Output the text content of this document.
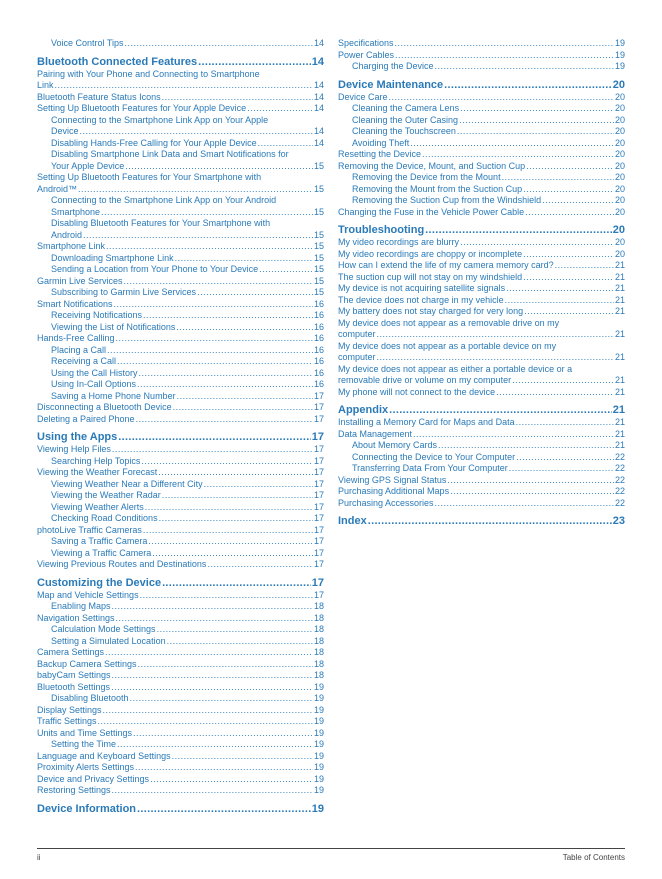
Voice Control Tips .....	14
Bluetooth Connected Features .....	14
Pairing with Your Phone and Connecting to Smartphone
Link .....	14
Bluetooth Feature Status Icons .....	14
Setting Up Bluetooth Features for Your Apple Device .....	14
Connecting to the Smartphone Link App on Your Apple
Device .....	14
Disabling Hands-Free Calling for Your Apple Device .....	14
Disabling Smartphone Link Data and Smart Notifications for
Your Apple Device .....	15
Setting Up Bluetooth Features for Your Smartphone with
Android™ .....	15
Connecting to the Smartphone Link App on Your Android
Smartphone .....	15
Disabling Bluetooth Features for Your Smartphone with
Android .....	15
Smartphone Link .....	15
Downloading Smartphone Link .....	15
Sending a Location from Your Phone to Your Device .....	15
Garmin Live Services .....	15
Subscribing to Garmin Live Services .....	15
Smart Notifications .....	16
Receiving Notifications .....	16
Viewing the List of Notifications .....	16
Hands-Free Calling .....	16
Placing a Call .....	16
Receiving a Call .....	16
Using the Call History .....	16
Using In-Call Options .....	16
Saving a Home Phone Number .....	17
Disconnecting a Bluetooth Device .....	17
Deleting a Paired Phone .....	17
Using the Apps .....	17
Viewing Help Files .....	17
Searching Help Topics .....	17
Viewing the Weather Forecast .....	17
Viewing Weather Near a Different City .....	17
Viewing the Weather Radar .....	17
Viewing Weather Alerts .....	17
Checking Road Conditions .....	17
photoLive Traffic Cameras .....	17
Saving a Traffic Camera .....	17
Viewing a Traffic Camera .....	17
Viewing Previous Routes and Destinations .....	17
Customizing the Device .....	17
Map and Vehicle Settings .....	17
Enabling Maps .....	18
Navigation Settings .....	18
Calculation Mode Settings .....	18
Setting a Simulated Location .....	18
Camera Settings .....	18
Backup Camera Settings .....	18
babyCam Settings .....	18
Bluetooth Settings .....	19
Disabling Bluetooth .....	19
Display Settings .....	19
Traffic Settings .....	19
Units and Time Settings .....	19
Setting the Time .....	19
Language and Keyboard Settings .....	19
Proximity Alerts Settings .....	19
Device and Privacy Settings .....	19
Restoring Settings .....	19
Device Information .....	19
Specifications .....	19
Power Cables .....	19
Charging the Device .....	19
Device Maintenance .....	20
Device Care .....	20
Cleaning the Camera Lens .....	20
Cleaning the Outer Casing .....	20
Cleaning the Touchscreen .....	20
Avoiding Theft .....	20
Resetting the Device .....	20
Removing the Device, Mount, and Suction Cup .....	20
Removing the Device from the Mount .....	20
Removing the Mount from the Suction Cup .....	20
Removing the Suction Cup from the Windshield .....	20
Changing the Fuse in the Vehicle Power Cable .....	20
Troubleshooting .....	20
My video recordings are blurry .....	20
My video recordings are choppy or incomplete .....	20
How can I extend the life of my camera memory card? .....	21
The suction cup will not stay on my windshield .....	21
My device is not acquiring satellite signals .....	21
The device does not charge in my vehicle .....	21
My battery does not stay charged for very long .....	21
My device does not appear as a removable drive on my
computer .....	21
My device does not appear as a portable device on my
computer .....	21
My device does not appear as either a portable device or a
removable drive or volume on my computer .....	21
My phone will not connect to the device .....	21
Appendix .....	21
Installing a Memory Card for Maps and Data .....	21
Data Management .....	21
About Memory Cards .....	21
Connecting the Device to Your Computer .....	22
Transferring Data From Your Computer .....	22
Viewing GPS Signal Status .....	22
Purchasing Additional Maps .....	22
Purchasing Accessories .....	22
Index .....	23
ii	Table of Contents
